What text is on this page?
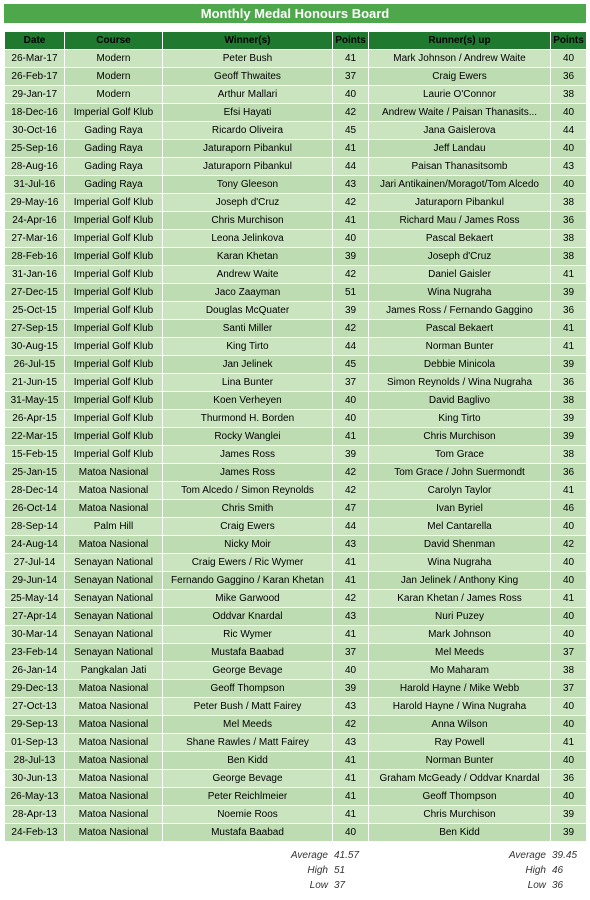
Monthly Medal Honours Board
Date	Course	Winner(s)	Points	Runner(s) up	Points
26-Mar-17	Modern	Peter Bush	41	Mark Johnson / Andrew Waite	40
26-Feb-17	Modern	Geoff Thwaites	37	Craig Ewers	36
29-Jan-17	Modern	Arthur Mallari	40	Laurie O'Connor	38
18-Dec-16	Imperial Golf Klub	Efsi Hayati	42	Andrew Waite / Paisan Thanasits...	40
30-Oct-16	Gading Raya	Ricardo Oliveira	45	Jana Gaislerova	44
25-Sep-16	Gading Raya	Jaturaporn Pibankul	41	Jeff Landau	40
28-Aug-16	Gading Raya	Jaturaporn Pibankul	44	Paisan Thanasitsomb	43
31-Jul-16	Gading Raya	Tony Gleeson	43	Jari Antikainen/Moragot/Tom Alcedo	40
29-May-16	Imperial Golf Klub	Joseph d'Cruz	42	Jaturaporn Pibankul	38
24-Apr-16	Imperial Golf Klub	Chris Murchison	41	Richard Mau / James Ross	36
27-Mar-16	Imperial Golf Klub	Leona Jelinkova	40	Pascal Bekaert	38
28-Feb-16	Imperial Golf Klub	Karan Khetan	39	Joseph d'Cruz	38
31-Jan-16	Imperial Golf Klub	Andrew Waite	42	Daniel Gaisler	41
27-Dec-15	Imperial Golf Klub	Jaco Zaayman	51	Wina Nugraha	39
25-Oct-15	Imperial Golf Klub	Douglas McQuater	39	James Ross / Fernando Gaggino	36
27-Sep-15	Imperial Golf Klub	Santi Miller	42	Pascal Bekaert	41
30-Aug-15	Imperial Golf Klub	King Tirto	44	Norman Bunter	41
26-Jul-15	Imperial Golf Klub	Jan Jelinek	45	Debbie Minicola	39
21-Jun-15	Imperial Golf Klub	Lina Bunter	37	Simon Reynolds / Wina Nugraha	36
31-May-15	Imperial Golf Klub	Koen Verheyen	40	David Baglivo	38
26-Apr-15	Imperial Golf Klub	Thurmond H. Borden	40	King Tirto	39
22-Mar-15	Imperial Golf Klub	Rocky Wanglei	41	Chris Murchison	39
15-Feb-15	Imperial Golf Klub	James Ross	39	Tom Grace	38
25-Jan-15	Matoa Nasional	James Ross	42	Tom Grace / John Suermondt	36
28-Dec-14	Matoa Nasional	Tom Alcedo / Simon Reynolds	42	Carolyn Taylor	41
26-Oct-14	Matoa Nasional	Chris Smith	47	Ivan Byriel	46
28-Sep-14	Palm Hill	Craig Ewers	44	Mel Cantarella	40
24-Aug-14	Matoa Nasional	Nicky Moir	43	David Shenman	42
27-Jul-14	Senayan National	Craig Ewers / Ric Wymer	41	Wina Nugraha	40
29-Jun-14	Senayan National	Fernando Gaggino / Karan Khetan	41	Jan Jelinek / Anthony King	40
25-May-14	Senayan National	Mike Garwood	42	Karan Khetan / James Ross	41
27-Apr-14	Senayan National	Oddvar Knardal	43	Nuri Puzey	40
30-Mar-14	Senayan National	Ric Wymer	41	Mark Johnson	40
23-Feb-14	Senayan National	Mustafa Baabad	37	Mel Meeds	37
26-Jan-14	Pangkalan Jati	George Bevage	40	Mo Maharam	38
29-Dec-13	Matoa Nasional	Geoff Thompson	39	Harold Hayne / Mike Webb	37
27-Oct-13	Matoa Nasional	Peter Bush / Matt Fairey	43	Harold Hayne / Wina Nugraha	40
29-Sep-13	Matoa Nasional	Mel Meeds	42	Anna Wilson	40
01-Sep-13	Matoa Nasional	Shane Rawles / Matt Fairey	43	Ray Powell	41
28-Jul-13	Matoa Nasional	Ben Kidd	41	Norman Bunter	40
30-Jun-13	Matoa Nasional	George Bevage	41	Graham McGeady / Oddvar Knardal	36
26-May-13	Matoa Nasional	Peter Reichlmeier	41	Geoff Thompson	40
28-Apr-13	Matoa Nasional	Noemie Roos	41	Chris Murchison	39
24-Feb-13	Matoa Nasional	Mustafa Baabad	40	Ben Kidd	39
Average 41.57
High 51
Low 37
Average 39.45
High 46
Low 36
